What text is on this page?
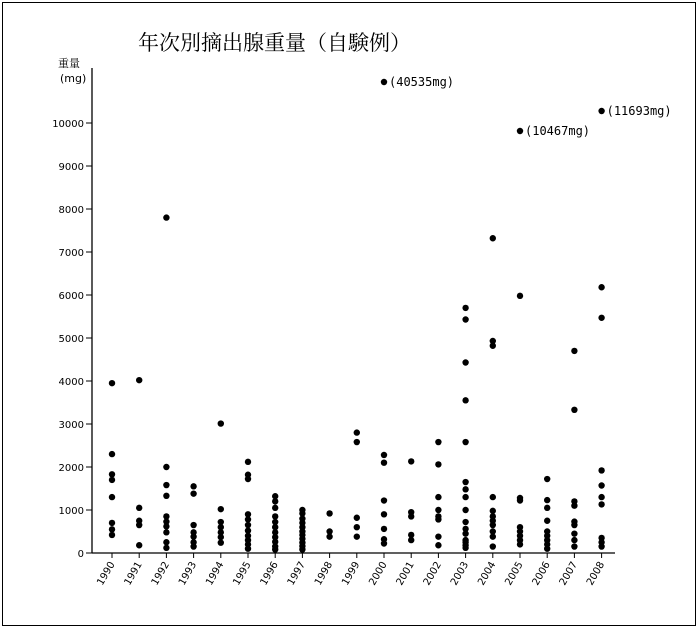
年次別摘出腺重量（自験例）
重量
(mg)
0
1000
2000
3000
4000
5000
6000
7000
8000
9000
10000
1990 1991 1992 1993 1994 1995 1996 1997 1998 1999 2000 2001 2002 2003 2004 2005 2006 2007 2008
(40535mg)
(10467mg)
(11693mg)
